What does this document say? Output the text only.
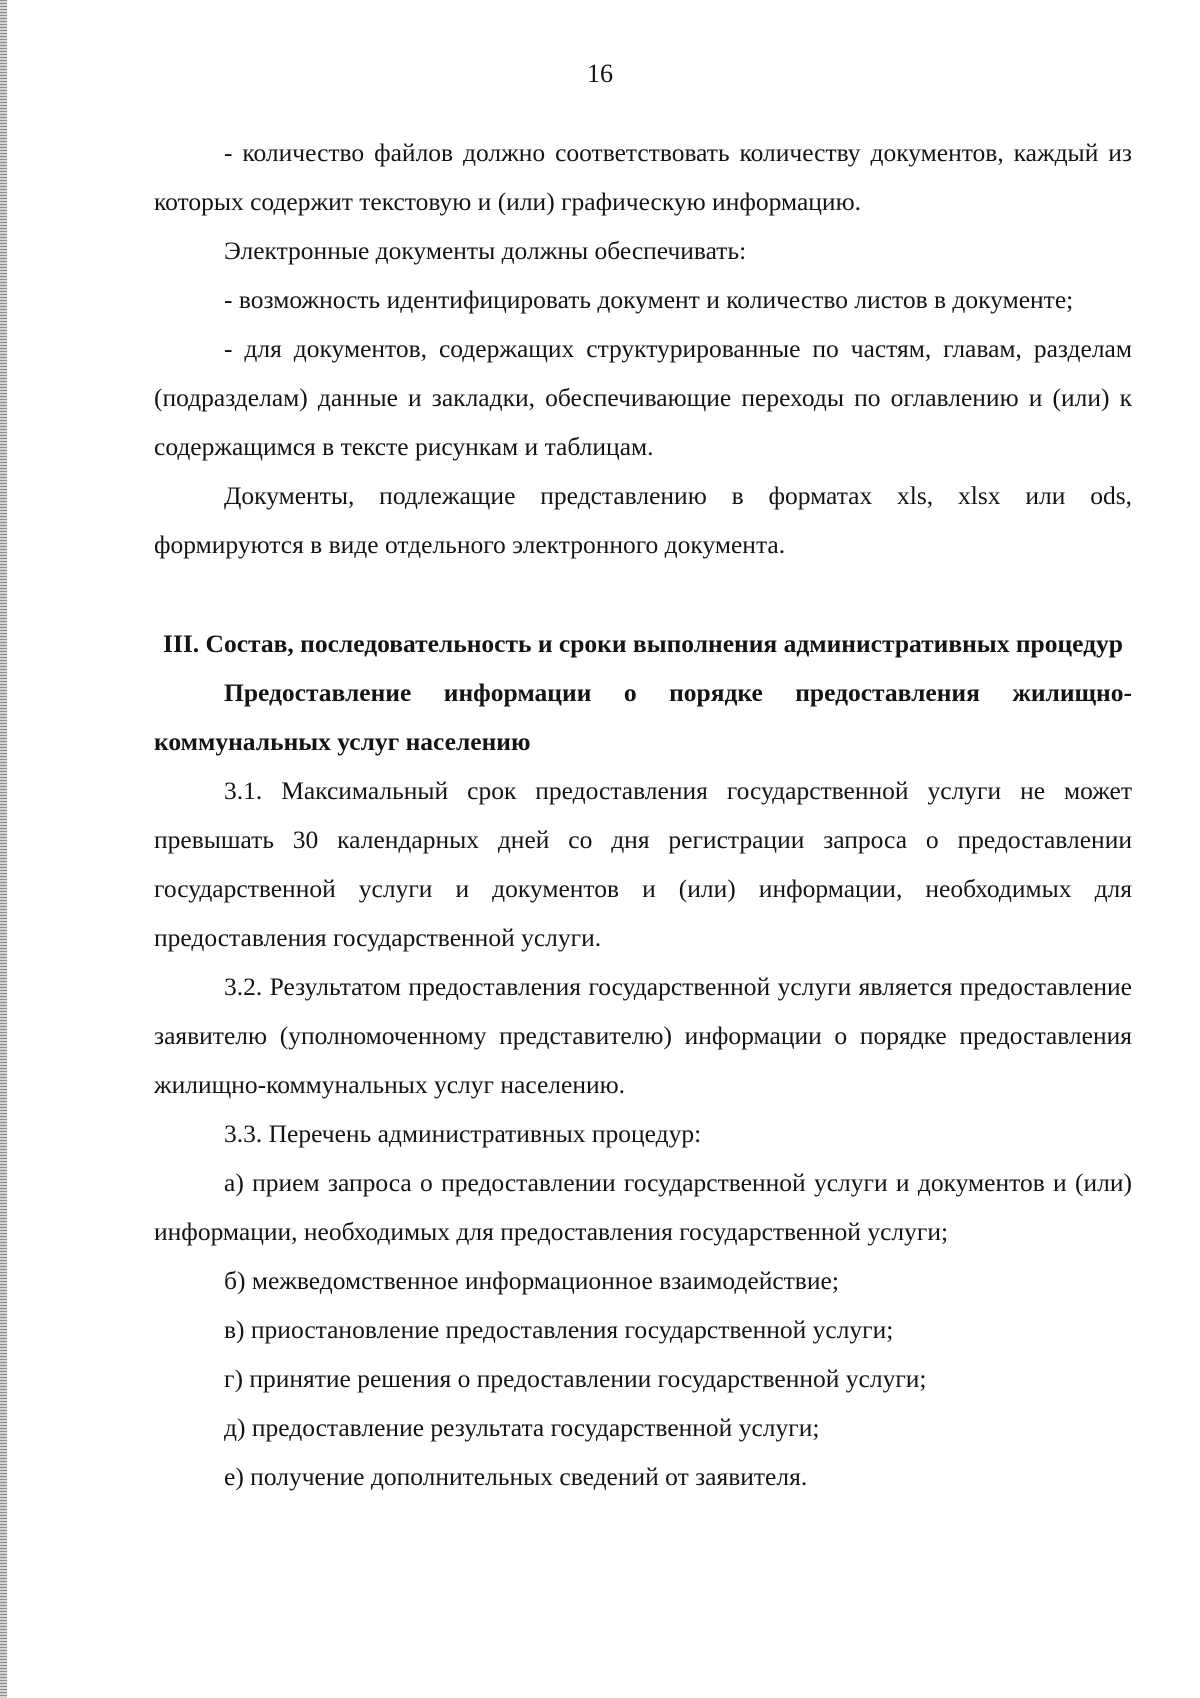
16

- количество файлов должно соответствовать количеству документов, каждый из которых содержит текстовую и (или) графическую информацию.

Электронные документы должны обеспечивать:

- возможность идентифицировать документ и количество листов в документе;

- для документов, содержащих структурированные по частям, главам, разделам (подразделам) данные и закладки, обеспечивающие переходы по оглавлению и (или) к содержащимся в тексте рисункам и таблицам.

Документы, подлежащие представлению в форматах xls, xlsx или ods, формируются в виде отдельного электронного документа.

III. Состав, последовательность и сроки выполнения административных процедур

Предоставление информации о порядке предоставления жилищно-коммунальных услуг населению

3.1. Максимальный срок предоставления государственной услуги не может превышать 30 календарных дней со дня регистрации запроса о предоставлении государственной услуги и документов и (или) информации, необходимых для предоставления государственной услуги.

3.2. Результатом предоставления государственной услуги является предоставление заявителю (уполномоченному представителю) информации о порядке предоставления жилищно-коммунальных услуг населению.

3.3. Перечень административных процедур:

а) прием запроса о предоставлении государственной услуги и документов и (или) информации, необходимых для предоставления государственной услуги;

б) межведомственное информационное взаимодействие;

в) приостановление предоставления государственной услуги;

г) принятие решения о предоставлении государственной услуги;

д) предоставление результата государственной услуги;

е) получение дополнительных сведений от заявителя.
